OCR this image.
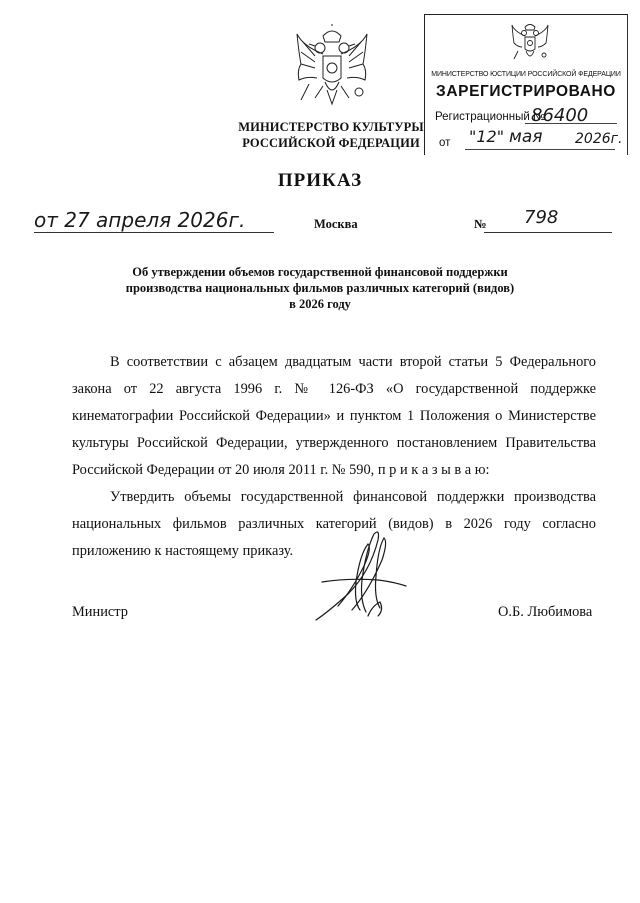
МИНИСТЕРСТВО КУЛЬТУРЫ
РОССИЙСКОЙ ФЕДЕРАЦИИ
МИНИСТЕРСТВО ЮСТИЦИИ РОССИЙСКОЙ ФЕДЕРАЦИИ
ЗАРЕГИСТРИРОВАНО
Регистрационный №
86400
от "12" мая 2026г.
ПРИКАЗ
от 27 апреля 2026г.	Москва	№ 798
Об утверждении объемов государственной финансовой поддержки
производства национальных фильмов различных категорий (видов)
в 2026 году
В соответствии с абзацем двадцатым части второй статьи 5 Федерального
закона от 22 августа 1996 г. № 126-ФЗ «О государственной поддержке
кинематографии Российской Федерации» и пунктом 1 Положения о Министерстве
культуры Российской Федерации, утвержденного постановлением Правительства
Российской Федерации от 20 июля 2011 г. № 590, п р и к а з ы в а ю:
Утвердить объемы государственной финансовой поддержки производства
национальных фильмов различных категорий (видов) в 2026 году согласно
приложению к настоящему приказу.
Министр	О.Б. Любимова
